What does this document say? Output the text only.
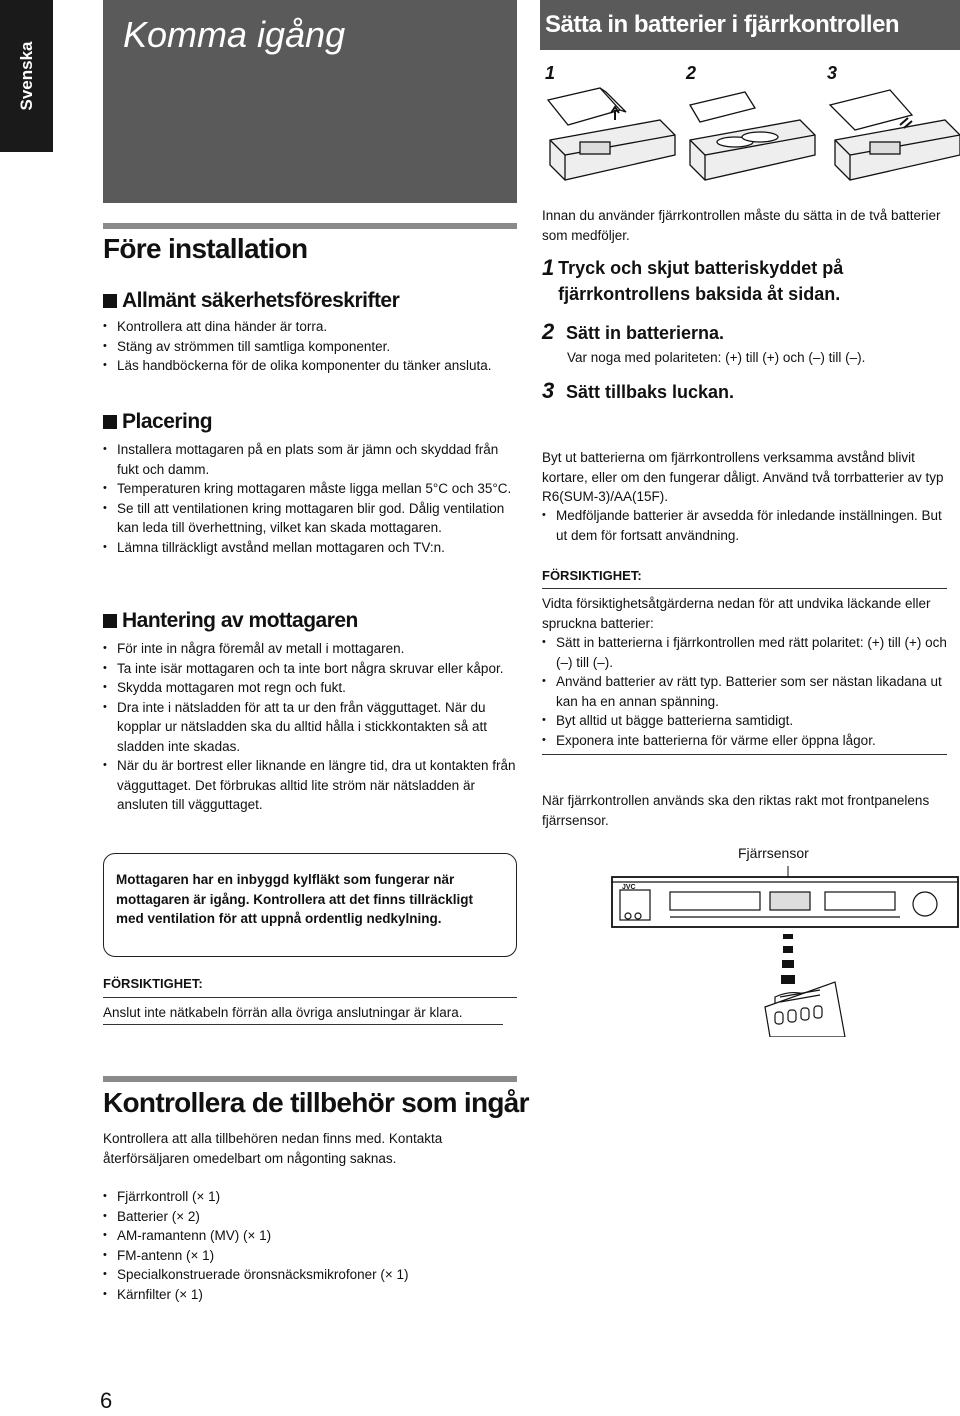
Svenska
Komma igång	Sätta in batterier i fjärrkontrollen
1	2	3
Före installation
Allmänt säkerhetsföreskrifter
• Kontrollera att dina händer är torra.
• Stäng av strömmen till samtliga komponenter.
• Läs handböckerna för de olika komponenter du tänker ansluta.
Placering
• Installera mottagaren på en plats som är jämn och skyddad från fukt och damm.
• Temperaturen kring mottagaren måste ligga mellan 5°C och 35°C.
• Se till att ventilationen kring mottagaren blir god. Dålig ventilation kan leda till överhettning, vilket kan skada mottagaren.
• Lämna tillräckligt avstånd mellan mottagaren och TV:n.
Hantering av mottagaren
• För inte in några föremål av metall i mottagaren.
• Ta inte isär mottagaren och ta inte bort några skruvar eller kåpor.
• Skydda mottagaren mot regn och fukt.
• Dra inte i nätsladden för att ta ur den från vägguttaget. När du kopplar ur nätsladden ska du alltid hålla i stickkontakten så att sladden inte skadas.
• När du är bortrest eller liknande en längre tid, dra ut kontakten från vägguttaget. Det förbrukas alltid lite ström när nätsladden är ansluten till vägguttaget.
Mottagaren har en inbyggd kylfläkt som fungerar när mottagaren är igång. Kontrollera att det finns tillräckligt med ventilation för att uppnå ordentlig nedkylning.
FÖRSIKTIGHET:
Anslut inte nätkabeln förrän alla övriga anslutningar är klara.
Kontrollera de tillbehör som ingår
Kontrollera att alla tillbehören nedan finns med. Kontakta återförsäljaren omedelbart om någonting saknas.
• Fjärrkontroll (× 1)
• Batterier (× 2)
• AM-ramantenn (MV) (× 1)
• FM-antenn (× 1)
• Specialkonstruerade öronsnäcksmikrofoner (× 1)
• Kärnfilter (× 1)
6
Innan du använder fjärrkontrollen måste du sätta in de två batterier som medföljer.
1 Tryck och skjut batteriskyddet på fjärrkontrollens baksida åt sidan.
2 Sätt in batterierna.
Var noga med polariteten: (+) till (+) och (–) till (–).
3 Sätt tillbaks luckan.
Byt ut batterierna om fjärrkontrollens verksamma avstånd blivit kortare, eller om den fungerar dåligt. Använd två torrbatterier av typ R6(SUM-3)/AA(15F).
• Medföljande batterier är avsedda för inledande inställningen. But ut dem för fortsatt användning.
FÖRSIKTIGHET:
Vidta försiktighetsåtgärderna nedan för att undvika läckande eller spruckna batterier:
• Sätt in batterierna i fjärrkontrollen med rätt polaritet: (+) till (+) och (–) till (–).
• Använd batterier av rätt typ. Batterier som ser nästan likadana ut kan ha en annan spänning.
• Byt alltid ut bägge batterierna samtidigt.
• Exponera inte batterierna för värme eller öppna lågor.
När fjärrkontrollen används ska den riktas rakt mot frontpanelens fjärrsensor.
Fjärrsensor
JVC
